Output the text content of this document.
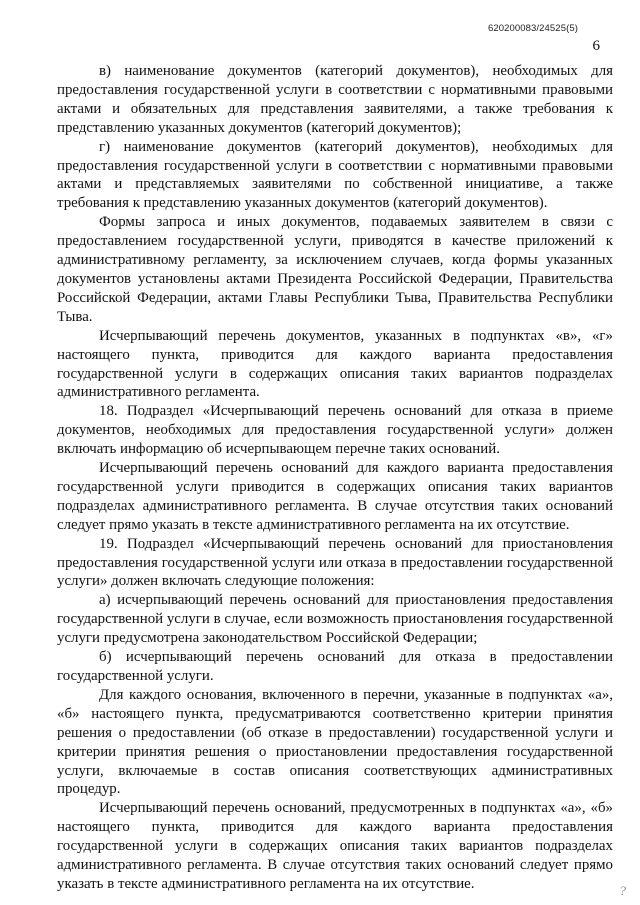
620200083/24525(5)
6

в) наименование документов (категорий документов), необходимых для предоставления государственной услуги в соответствии с нормативными правовыми актами и обязательных для представления заявителями, а также требования к представлению указанных документов (категорий документов);

г) наименование документов (категорий документов), необходимых для предоставления государственной услуги в соответствии с нормативными правовыми актами и представляемых заявителями по собственной инициативе, а также требования к представлению указанных документов (категорий документов).

Формы запроса и иных документов, подаваемых заявителем в связи с предоставлением государственной услуги, приводятся в качестве приложений к административному регламенту, за исключением случаев, когда формы указанных документов установлены актами Президента Российской Федерации, Правительства Российской Федерации, актами Главы Республики Тыва, Правительства Республики Тыва.

Исчерпывающий перечень документов, указанных в подпунктах «в», «г» настоящего пункта, приводится для каждого варианта предоставления государственной услуги в содержащих описания таких вариантов подразделах административного регламента.

18. Подраздел «Исчерпывающий перечень оснований для отказа в приеме документов, необходимых для предоставления государственной услуги» должен включать информацию об исчерпывающем перечне таких оснований.

Исчерпывающий перечень оснований для каждого варианта предоставления государственной услуги приводится в содержащих описания таких вариантов подразделах административного регламента. В случае отсутствия таких оснований следует прямо указать в тексте административного регламента на их отсутствие.

19. Подраздел «Исчерпывающий перечень оснований для приостановления предоставления государственной услуги или отказа в предоставлении государственной услуги» должен включать следующие положения:

а) исчерпывающий перечень оснований для приостановления предоставления государственной услуги в случае, если возможность приостановления государственной услуги предусмотрена законодательством Российской Федерации;

б) исчерпывающий перечень оснований для отказа в предоставлении государственной услуги.

Для каждого основания, включенного в перечни, указанные в подпунктах «а», «б» настоящего пункта, предусматриваются соответственно критерии принятия решения о предоставлении (об отказе в предоставлении) государственной услуги и критерии принятия решения о приостановлении предоставления государственной услуги, включаемые в состав описания соответствующих административных процедур.

Исчерпывающий перечень оснований, предусмотренных в подпунктах «а», «б» настоящего пункта, приводится для каждого варианта предоставления государственной услуги в содержащих описания таких вариантов подразделах административного регламента. В случае отсутствия таких оснований следует прямо указать в тексте административного регламента на их отсутствие.	?
